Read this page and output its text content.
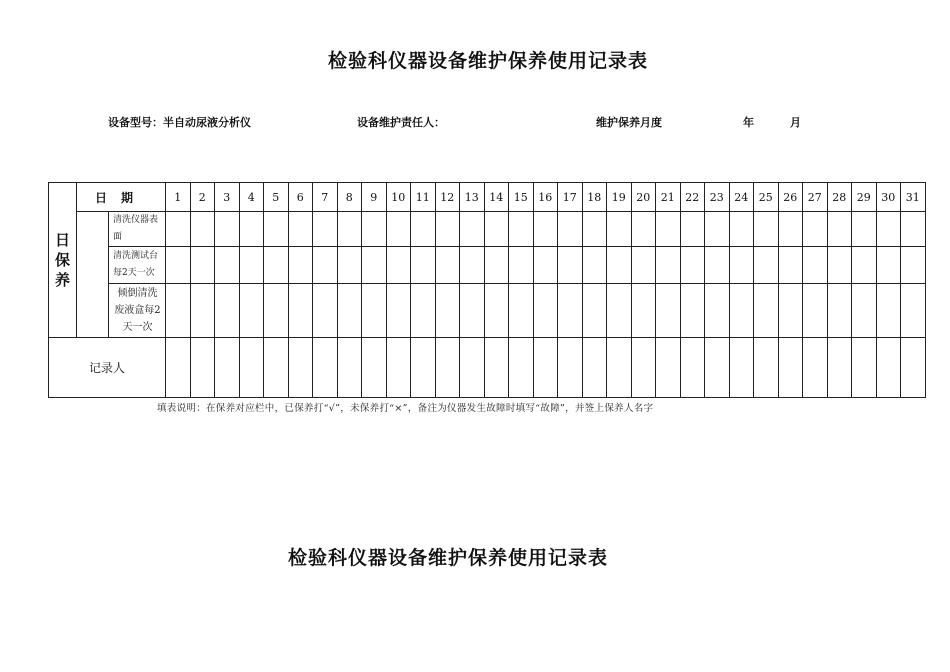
检验科仪器设备维护保养使用记录表
设备型号：半自动尿液分析仪	设备维护责任人：	维护保养月度	年	月
日保养	日期		1	2	3	4	5	6	7	8	9	10	11	12	13	14	15	16	17	18	19	20	21	22	23	24	25	26	27	28	29	30	31
		清洗仪器表面																															
		清洗测试台每2天一次																															
		倾倒清洗废液盒每2天一次																															
记录人																																	
填表说明：在保养对应栏中，已保养打“√”，未保养打“×”，备注为仪器发生故障时填写“故障”，并签上保养人名字
检验科仪器设备维护保养使用记录表
